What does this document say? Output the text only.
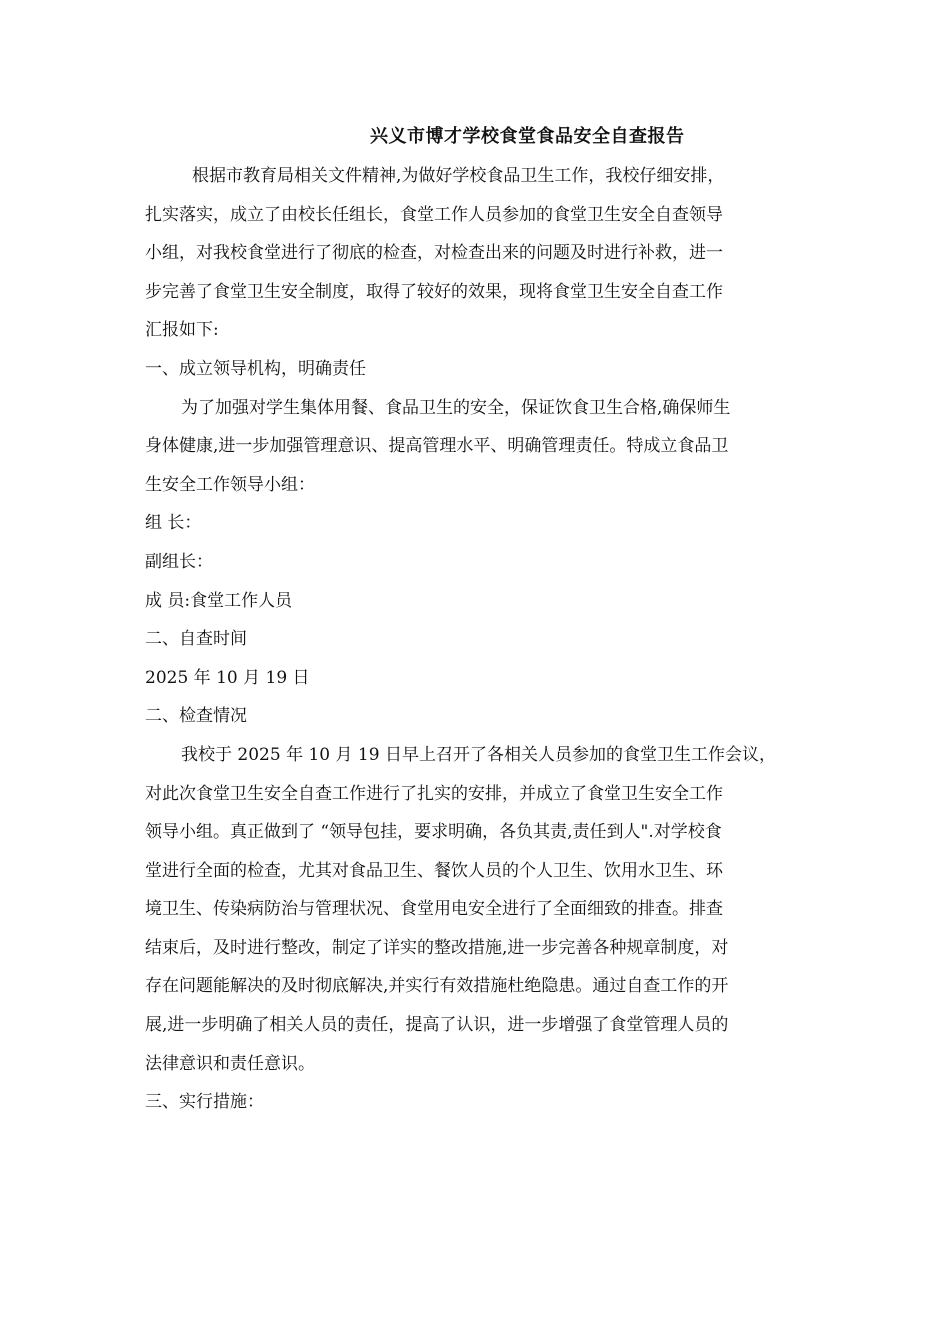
兴义市博才学校食堂食品安全自查报告
根据市教育局相关文件精神,为做好学校食品卫生工作，我校仔细安排，
扎实落实，成立了由校长任组长，食堂工作人员参加的食堂卫生安全自查领导
小组，对我校食堂进行了彻底的检查，对检查出来的问题及时进行补救，进一
步完善了食堂卫生安全制度，取得了较好的效果，现将食堂卫生安全自查工作
汇报如下:
一、成立领导机构，明确责任
为了加强对学生集体用餐、食品卫生的安全，保证饮食卫生合格,确保师生
身体健康,进一步加强管理意识、提高管理水平、明确管理责任。特成立食品卫
生安全工作领导小组：
组 长：
副组长：
成 员:食堂工作人员
二、自查时间
2025 年 10 月 19 日
二、检查情况
我校于 2025 年 10 月 19 日早上召开了各相关人员参加的食堂卫生工作会议，
对此次食堂卫生安全自查工作进行了扎实的安排，并成立了食堂卫生安全工作
领导小组。真正做到了 “领导包挂，要求明确，各负其责,责任到人".对学校食
堂进行全面的检查，尤其对食品卫生、餐饮人员的个人卫生、饮用水卫生、环
境卫生、传染病防治与管理状况、食堂用电安全进行了全面细致的排查。排查
结束后，及时进行整改，制定了详实的整改措施,进一步完善各种规章制度，对
存在问题能解决的及时彻底解决,并实行有效措施杜绝隐患。通过自查工作的开
展,进一步明确了相关人员的责任，提高了认识，进一步增强了食堂管理人员的
法律意识和责任意识。
三、实行措施：
